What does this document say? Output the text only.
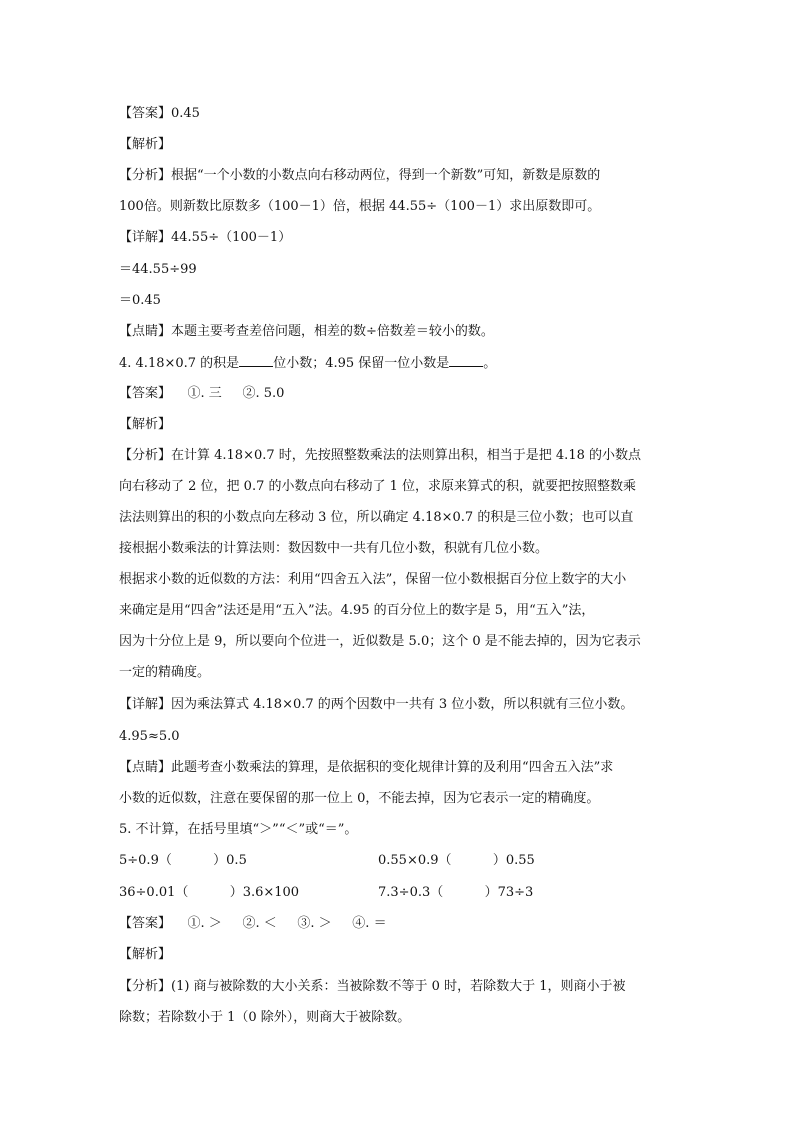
【答案】0.45
【解析】
【分析】根据“一个小数的小数点向右移动两位，得到一个新数”可知，新数是原数的
100倍。则新数比原数多（100－1）倍，根据 44.55÷（100－1）求出原数即可。
【详解】44.55÷（100－1）
＝44.55÷99
＝0.45
【点睛】本题主要考查差倍问题，相差的数÷倍数差＝较小的数。
4. 4.18×0.7 的积是	位小数；4.95 保留一位小数是	。
【答案】    ①. 三     ②. 5.0
【解析】
【分析】在计算 4.18×0.7 时，先按照整数乘法的法则算出积，相当于是把 4.18 的小数点
向右移动了 2 位，把 0.7 的小数点向右移动了 1 位，求原来算式的积，就要把按照整数乘
法法则算出的积的小数点向左移动 3 位，所以确定 4.18×0.7 的积是三位小数；也可以直
接根据小数乘法的计算法则：数因数中一共有几位小数，积就有几位小数。
根据求小数的近似数的方法：利用“四舍五入法”，保留一位小数根据百分位上数字的大小
来确定是用“四舍”法还是用“五入”法。4.95 的百分位上的数字是 5，用“五入”法，
因为十分位上是 9，所以要向个位进一，近似数是 5.0；这个 0 是不能去掉的，因为它表示
一定的精确度。
【详解】因为乘法算式 4.18×0.7 的两个因数中一共有 3 位小数，所以积就有三位小数。
4.95≈5.0
【点睛】此题考查小数乘法的算理，是依据积的变化规律计算的及利用“四舍五入法”求
小数的近似数，注意在要保留的那一位上 0，不能去掉，因为它表示一定的精确度。
5. 不计算，在括号里填“＞”“＜”或“＝”。
5÷0.9（          ）0.5	0.55×0.9（          ）0.55
36÷0.01（          ）3.6×100	7.3÷0.3（          ）73÷3
【答案】    ①. ＞     ②. ＜     ③. ＞     ④. ＝
【解析】
【分析】(1) 商与被除数的大小关系：当被除数不等于 0 时，若除数大于 1，则商小于被
除数；若除数小于 1（0 除外），则商大于被除数。
